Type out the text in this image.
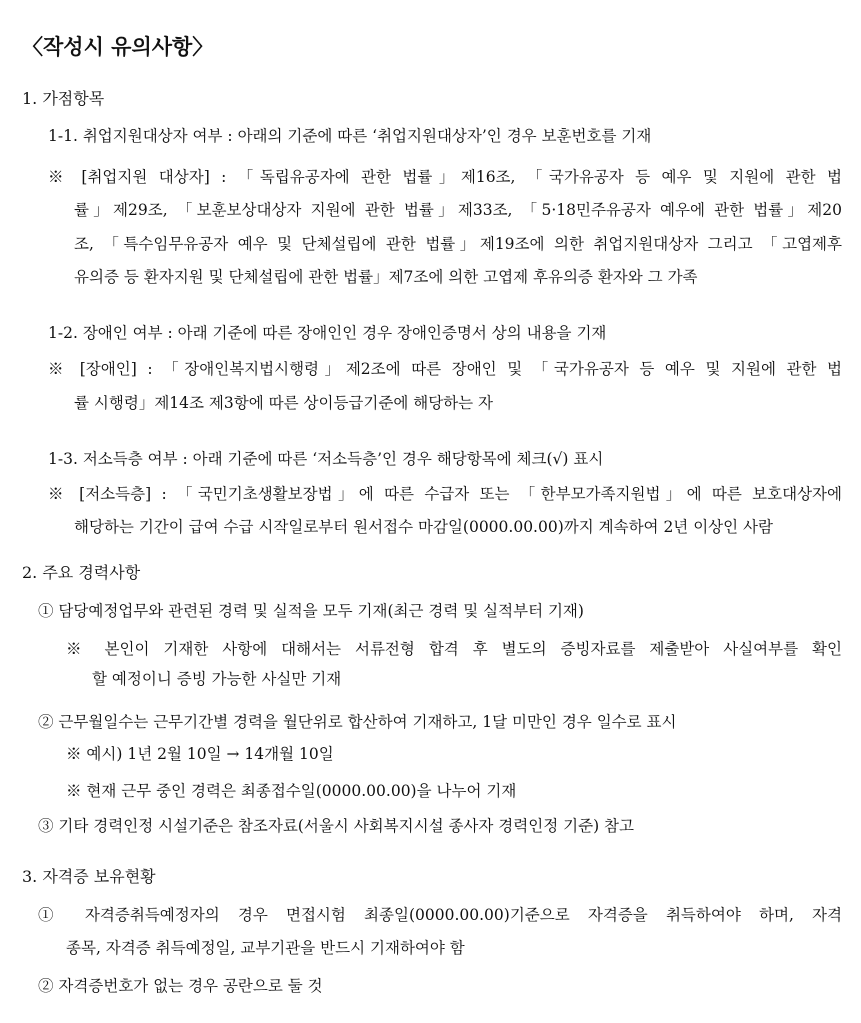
〈작성시 유의사항〉
1. 가점항목
1-1. 취업지원대상자 여부 : 아래의 기준에 따른 ‘취업지원대상자’인 경우 보훈번호를 기재
※ [취업지원 대상자] : 「독립유공자에 관한 법률」제16조, 「국가유공자 등 예우 및 지원에 관한 법
률」제29조, 「보훈보상대상자 지원에 관한 법률」제33조, 「5·18민주유공자 예우에 관한 법률」제20
조, 「특수임무유공자 예우 및 단체설립에 관한 법률」제19조에 의한 취업지원대상자 그리고 「고엽제후
유의증 등 환자지원 및 단체설립에 관한 법률」제7조에 의한 고엽제 후유의증 환자와 그 가족
1-2. 장애인 여부 : 아래 기준에 따른 장애인인 경우 장애인증명서 상의 내용을 기재
※ [장애인] : 「장애인복지법시행령」제2조에 따른 장애인 및 「국가유공자 등 예우 및 지원에 관한 법
률 시행령」제14조 제3항에 따른 상이등급기준에 해당하는 자
1-3. 저소득층 여부 : 아래 기준에 따른 ‘저소득층’인 경우 해당항목에 체크(√) 표시
※ [저소득층] : 「국민기초생활보장법」에 따른 수급자 또는 「한부모가족지원법」에 따른 보호대상자에
해당하는 기간이 급여 수급 시작일로부터 원서접수 마감일(0000.00.00)까지 계속하여 2년 이상인 사람
2. 주요 경력사항
① 담당예정업무와 관련된 경력 및 실적을 모두 기재(최근 경력 및 실적부터 기재)
※ 본인이 기재한 사항에 대해서는 서류전형 합격 후 별도의 증빙자료를 제출받아 사실여부를 확인
할 예정이니 증빙 가능한 사실만 기재
② 근무월일수는 근무기간별 경력을 월단위로 합산하여 기재하고, 1달 미만인 경우 일수로 표시
※ 예시) 1년 2월 10일 → 14개월 10일
※ 현재 근무 중인 경력은 최종접수일(0000.00.00)을 나누어 기재
③ 기타 경력인정 시설기준은 참조자료(서울시 사회복지시설 종사자 경력인정 기준) 참고
3. 자격증 보유현황
① 자격증취득예정자의 경우 면접시험 최종일(0000.00.00)기준으로 자격증을 취득하여야 하며, 자격
종목, 자격증 취득예정일, 교부기관을 반드시 기재하여야 함
② 자격증번호가 없는 경우 공란으로 둘 것
